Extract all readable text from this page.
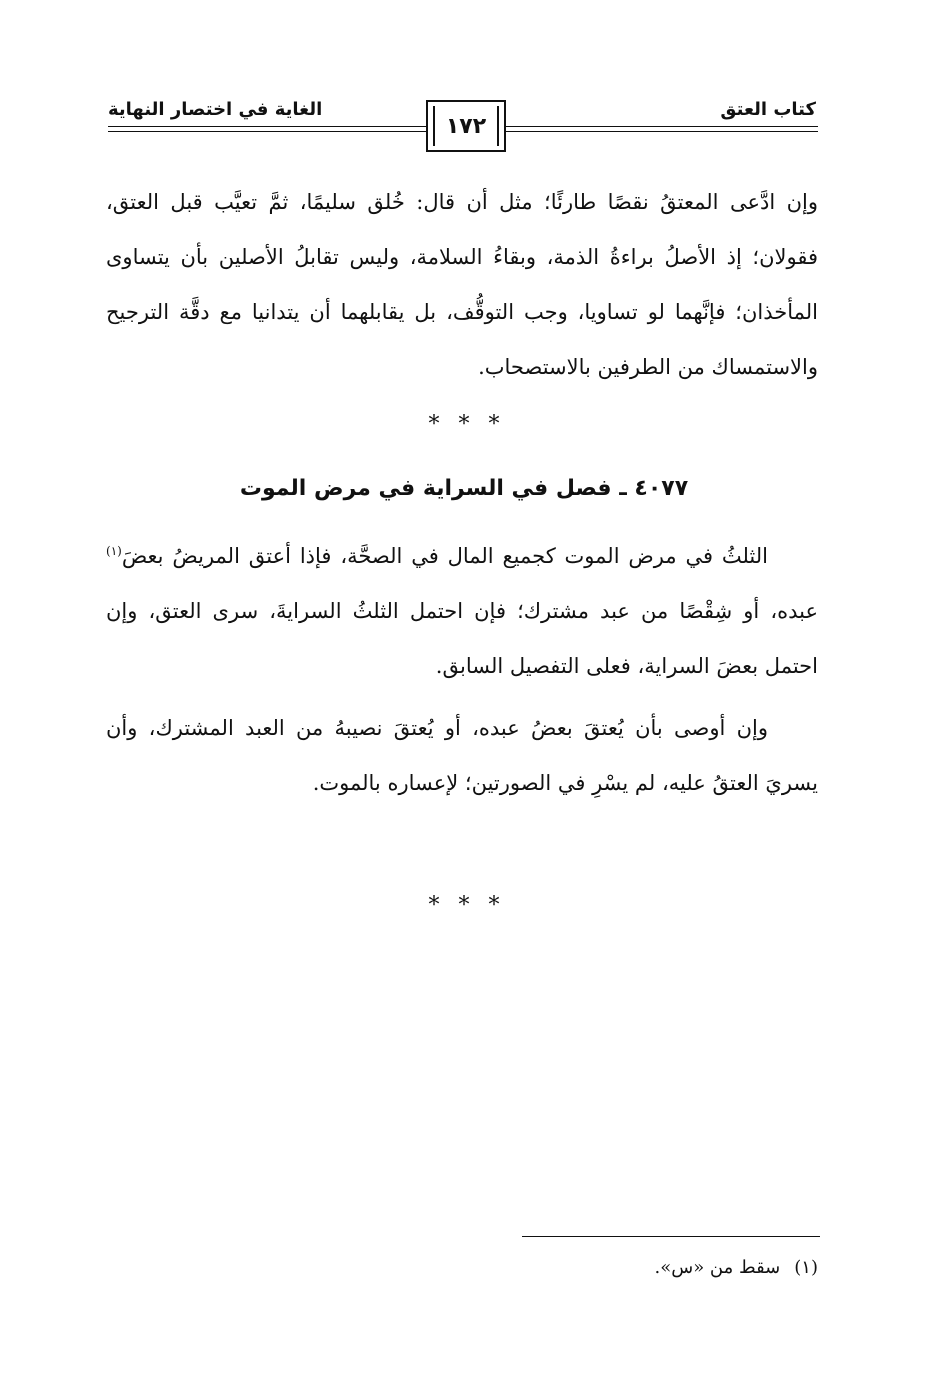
كتاب العتق
الغاية في اختصار النهاية
١٧٢
وإن ادَّعى المعتقُ نقصًا طارئًا؛ مثل أن قال: خُلق سليمًا، ثمَّ تعيَّب قبل العتق، فقولان؛ إذ الأصلُ براءةُ الذمة، وبقاءُ السلامة، وليس تقابلُ الأصلين بأن يتساوى المأخذان؛ فإنَّهما لو تساويا، وجب التوقُّف، بل يقابلهما أن يتدانيا مع دقَّة الترجيح والاستمساك من الطرفين بالاستصحاب.
* * *
٤٠٧٧ ـ فصل في السراية في مرض الموت
الثلثُ في مرض الموت كجميع المال في الصحَّة، فإذا أعتق المريضُ بعضَ$^{(١)}$ عبده، أو شِقْصًا من عبد مشترك؛ فإن احتمل الثلثُ السرايةَ، سرى العتق، وإن احتمل بعضَ السراية، فعلى التفصيل السابق.
وإن أوصى بأن يُعتقَ بعضُ عبده، أو يُعتقَ نصيبهُ من العبد المشترك، وأن يسريَ العتقُ عليه، لم يسْرِ في الصورتين؛ لإعساره بالموت.
* * *
(١)سقط من «س».
